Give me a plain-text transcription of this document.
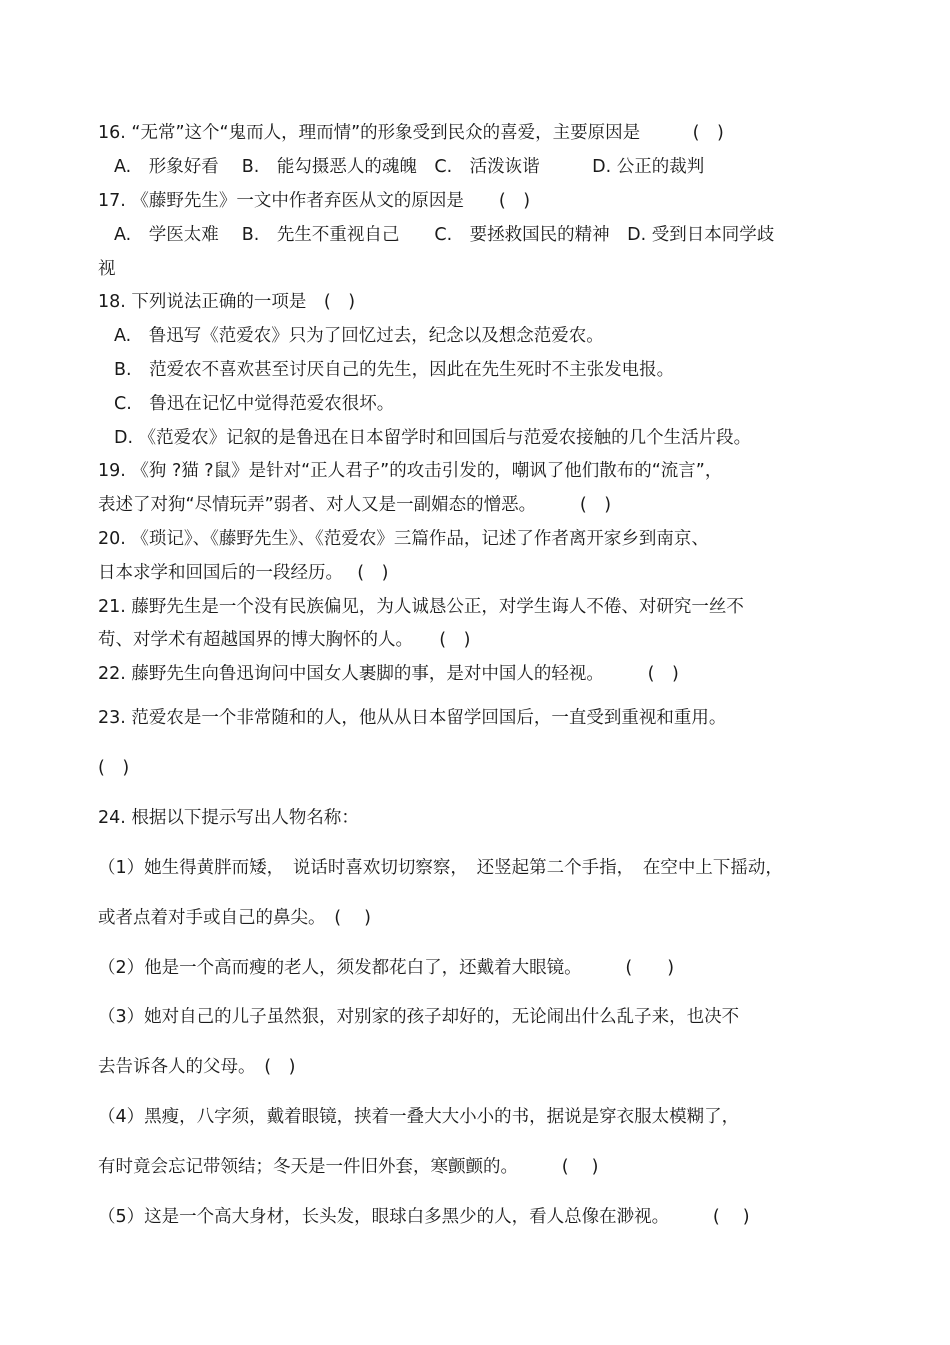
16. “无常”这个“鬼而人，理而情”的形象受到民众的喜爱，主要原因是　　　(　)
A.　形象好看　 B.　能勾摄恶人的魂魄　C.　活泼诙谐　　　D. 公正的裁判
17. 《藤野先生》一文中作者弃医从文的原因是　　(　)
A.　学医太难　 B.　先生不重视自己　　C.　要拯救国民的精神　D. 受到日本同学歧
视
18. 下列说法正确的一项是　(　)
A.　鲁迅写《范爱农》只为了回忆过去，纪念以及想念范爱农。
B.　范爱农不喜欢甚至讨厌自己的先生，因此在先生死时不主张发电报。
C.　鲁迅在记忆中觉得范爱农很坏。
D. 《范爱农》记叙的是鲁迅在日本留学时和回国后与范爱农接触的几个生活片段。
19. 《狗 ?猫 ?鼠》是针对“正人君子”的攻击引发的，嘲讽了他们散布的“流言”，
表述了对狗“尽情玩弄”弱者、对人又是一副媚态的憎恶。　　　(　)
20. 《琐记》、《藤野先生》、《范爱农》三篇作品，记述了作者离开家乡到南京、
日本求学和回国后的一段经历。　 (　)
21. 藤野先生是一个没有民族偏见，为人诚恳公正，对学生诲人不倦、对研究一丝不
苟、对学术有超越国界的博大胸怀的人。　　(　)
22. 藤野先生向鲁迅询问中国女人裹脚的事，是对中国人的轻视。　　　(　)
23. 范爱农是一个非常随和的人，他从从日本留学回国后，一直受到重视和重用。
(　)
24. 根据以下提示写出人物名称：
（1）她生得黄胖而矮，　说话时喜欢切切察察，　还竖起第二个手指，　在空中上下摇动，
或者点着对手或自己的鼻尖。　(　 )
（2）他是一个高而瘦的老人，须发都花白了，还戴着大眼镜。　　　(　　)
（3）她对自己的儿子虽然狠，对别家的孩子却好的，无论闹出什么乱子来，也决不
去告诉各人的父母。　(　)
（4）黑瘦，八字须，戴着眼镜，挟着一叠大大小小的书，据说是穿衣服太模糊了，
有时竟会忘记带领结；冬天是一件旧外套，寒颤颤的。　　　(　 )
（5）这是一个高大身材，长头发，眼球白多黑少的人，看人总像在渺视。　　　(　 )
